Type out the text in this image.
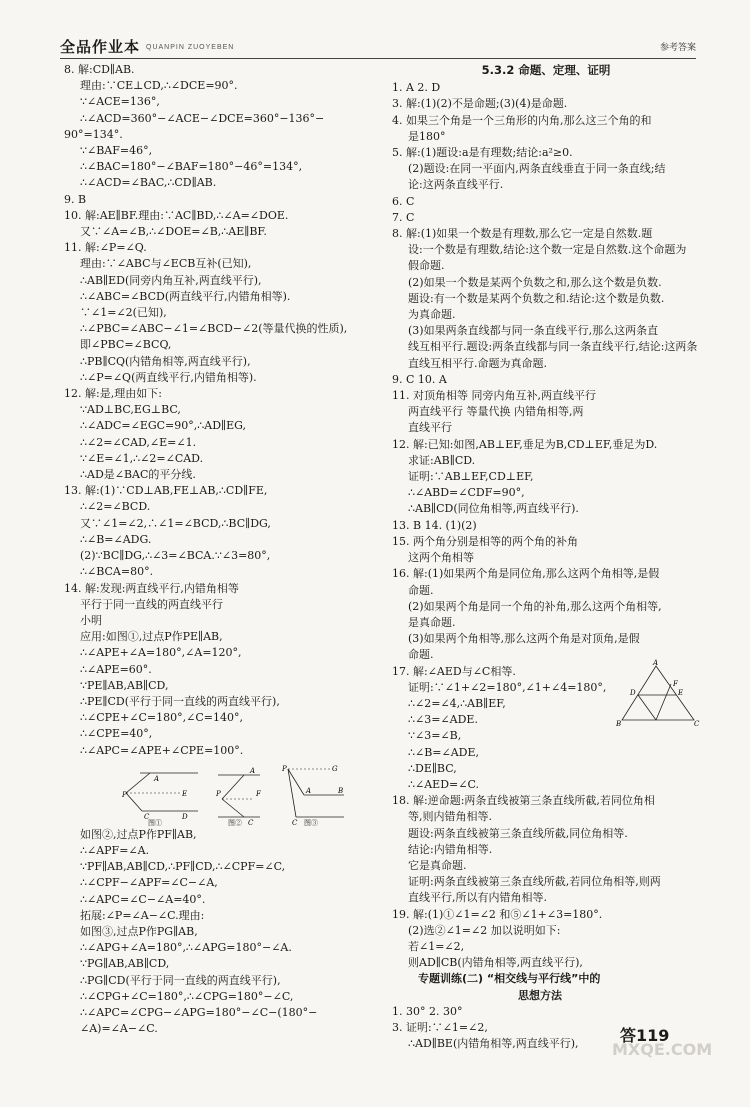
全品作业本 QUANPIN ZUOYEBEN	参考答案
8. 解:CD∥AB.
理由:∵CE⊥CD,∴∠DCE=90°.
∵∠ACE=136°,
∴∠ACD=360°−∠ACE−∠DCE=360°−136°−
90°=134°.
∵∠BAF=46°,
∴∠BAC=180°−∠BAF=180°−46°=134°,
∴∠ACD=∠BAC,∴CD∥AB.
9. B
10. 解:AE∥BF.理由:∵AC∥BD,∴∠A=∠DOE.
又∵∠A=∠B,∴∠DOE=∠B,∴AE∥BF.
11. 解:∠P=∠Q.
理由:∵∠ABC与∠ECB互补(已知),
∴AB∥ED(同旁内角互补,两直线平行),
∴∠ABC=∠BCD(两直线平行,内错角相等).
∵∠1=∠2(已知),
∴∠PBC=∠ABC−∠1=∠BCD−∠2(等量代换的性质),
即∠PBC=∠BCQ,
∴PB∥CQ(内错角相等,两直线平行),
∴∠P=∠Q(两直线平行,内错角相等).
12. 解:是,理由如下:
∵AD⊥BC,EG⊥BC,
∴∠ADC=∠EGC=90°,∴AD∥EG,
∴∠2=∠CAD,∠E=∠1.
∵∠E=∠1,∴∠2=∠CAD.
∴AD是∠BAC的平分线.
13. 解:(1)∵CD⊥AB,FE⊥AB,∴CD∥FE,
∴∠2=∠BCD.
又∵∠1=∠2,∴∠1=∠BCD,∴BC∥DG,
∴∠B=∠ADG.
(2)∵BC∥DG,∴∠3=∠BCA.∵∠3=80°,
∴∠BCA=80°.
14. 解:发现:两直线平行,内错角相等
平行于同一直线的两直线平行
小明
应用:如图①,过点P作PE∥AB,
∴∠APE+∠A=180°,∠A=120°,
∴∠APE=60°.
∵PE∥AB,AB∥CD,
∴PE∥CD(平行于同一直线的两直线平行),
∴∠CPE+∠C=180°,∠C=140°,
∴∠CPE=40°,
∴∠APC=∠APE+∠CPE=100°.
P	E
C	D
A
P
A
C
F
P	G
A	B
C
图①	图②	图③
如图②,过点P作PF∥AB,
∴∠APF=∠A.
∵PF∥AB,AB∥CD,∴PF∥CD,∴∠CPF=∠C,
∴∠CPF−∠APF=∠C−∠A,
∴∠APC=∠C−∠A=40°.
拓展:∠P=∠A−∠C.理由:
如图③,过点P作PG∥AB,
∴∠APG+∠A=180°,∴∠APG=180°−∠A.
∵PG∥AB,AB∥CD,
∴PG∥CD(平行于同一直线的两直线平行),
∴∠CPG+∠C=180°,∴∠CPG=180°−∠C,
∴∠APC=∠CPG−∠APG=180°−∠C−(180°−
∠A)=∠A−∠C.
5.3.2 命题、定理、证明
1. A 2. D
3. 解:(1)(2)不是命题;(3)(4)是命题.
4. 如果三个角是一个三角形的内角,那么这三个角的和
是180°
5. 解:(1)题设:a是有理数;结论:a²≥0.
(2)题设:在同一平面内,两条直线垂直于同一条直线;结
论:这两条直线平行.
6. C
7. C
8. 解:(1)如果一个数是有理数,那么它一定是自然数.题
设:一个数是有理数,结论:这个数一定是自然数.这个命题为
假命题.
(2)如果一个数是某两个负数之和,那么这个数是负数.
题设:有一个数是某两个负数之和.结论:这个数是负数.
为真命题.
(3)如果两条直线都与同一条直线平行,那么这两条直
线互相平行.题设:两条直线都与同一条直线平行,结论:这两条
直线互相平行.命题为真命题.
9. C 10. A
11. 对顶角相等 同旁内角互补,两直线平行
两直线平行 等量代换 内错角相等,两
直线平行
12. 解:已知:如图,AB⊥EF,垂足为B,CD⊥EF,垂足为D.
求证:AB∥CD.
证明:∵AB⊥EF,CD⊥EF,
∴∠ABD=∠CDF=90°,
∴AB∥CD(同位角相等,两直线平行).
13. B 14. (1)(2)
15. 两个角分别是相等的两个角的补角
这两个角相等
16. 解:(1)如果两个角是同位角,那么这两个角相等,是假
命题.
(2)如果两个角是同一个角的补角,那么这两个角相等,
是真命题.
(3)如果两个角相等,那么这两个角是对顶角,是假
命题.
17. 解:∠AED与∠C相等.
证明:∵∠1+∠2=180°,∠1+∠4=180°,
∴∠2=∠4,∴AB∥EF,
∴∠3=∠ADE.
∵∠3=∠B,
∴∠B=∠ADE,
∴DE∥BC,
∴∠AED=∠C.
18. 解:逆命题:两条直线被第三条直线所截,若同位角相
等,则内错角相等.
题设:两条直线被第三条直线所截,同位角相等.
结论:内错角相等.
它是真命题.
证明:两条直线被第三条直线所截,若同位角相等,则两
直线平行,所以有内错角相等.
19. 解:(1)①∠1=∠2 和⑤∠1+∠3=180°.
(2)选②∠1=∠2 加以说明如下:
若∠1=∠2,
则AD∥CB(内错角相等,两直线平行),
专题训练(二) “相交线与平行线”中的
思想方法
1. 30° 2. 30°
3. 证明:∵∠1=∠2,
∴AD∥BE(内错角相等,两直线平行),
A
D	E
F
B	C
答119
MXQE.COM
